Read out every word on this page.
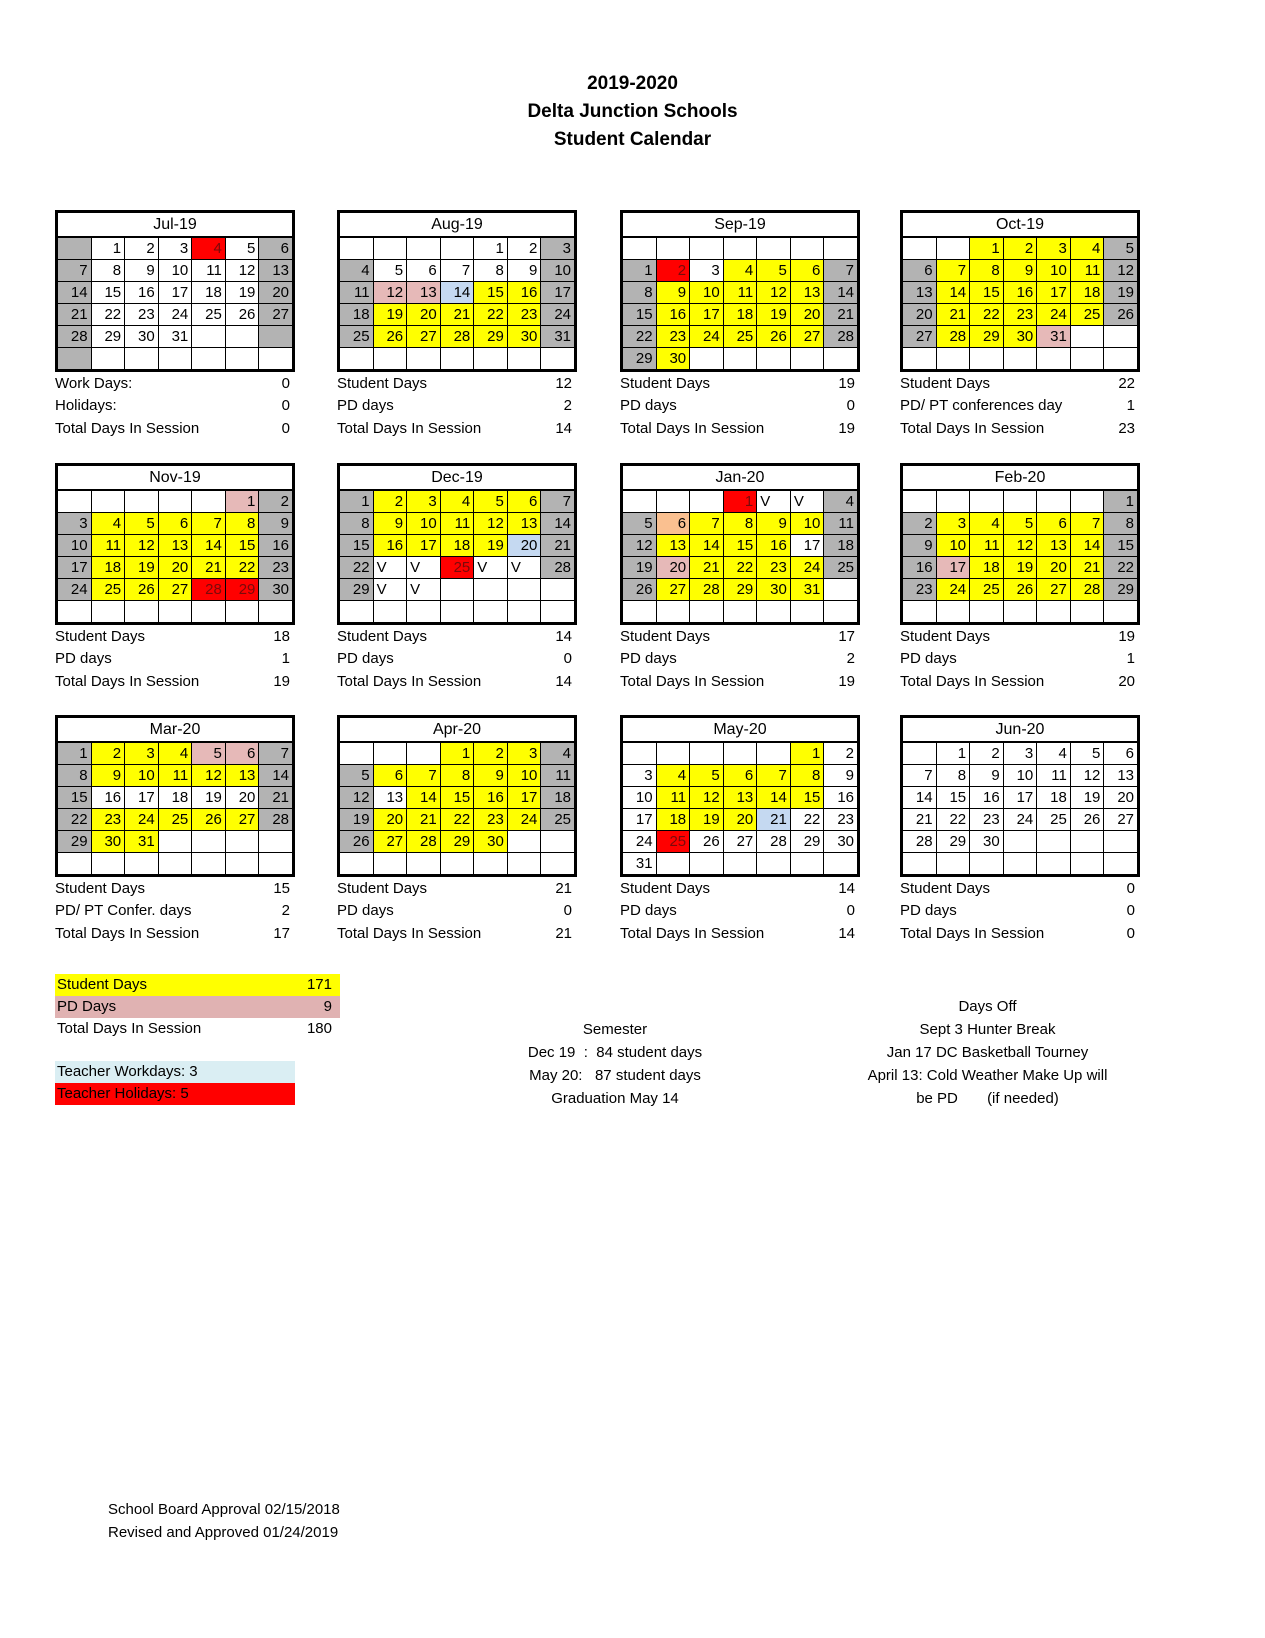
2019-2020
Delta Junction Schools
Student Calendar
Jul-19						
	1	2	3	4	5	6
7	8	9	10	11	12	13
14	15	16	17	18	19	20
21	22	23	24	25	26	27
28	29	30	31			

Work Days:	0
Holidays:	0
Total Days In Session	0
Aug-19						
				1	2	3
4	5	6	7	8	9	10
11	12	13	14	15	16	17
18	19	20	21	22	23	24
25	26	27	28	29	30	31

Student Days	12
PD days	2
Total Days In Session	14
Sep-19						

1	2	3	4	5	6	7
8	9	10	11	12	13	14
15	16	17	18	19	20	21
22	23	24	25	26	27	28
29	30					
Student Days	19
PD days	0
Total Days In Session	19
Oct-19						
		1	2	3	4	5
6	7	8	9	10	11	12
13	14	15	16	17	18	19
20	21	22	23	24	25	26
27	28	29	30	31		

Student Days	22
PD/ PT conferences day	1
Total Days In Session	23
Nov-19						
					1	2
3	4	5	6	7	8	9
10	11	12	13	14	15	16
17	18	19	20	21	22	23
24	25	26	27	28	29	30

Student Days	18
PD days	1
Total Days In Session	19
Dec-19						
1	2	3	4	5	6	7
8	9	10	11	12	13	14
15	16	17	18	19	20	21
22	V	V	25	V	V	28
29	V	V				

Student Days	14
PD days	0
Total Days In Session	14
Jan-20						
			1	V	V	4
5	6	7	8	9	10	11
12	13	14	15	16	17	18
19	20	21	22	23	24	25
26	27	28	29	30	31	

Student Days	17
PD days	2
Total Days In Session	19
Feb-20						
						1
2	3	4	5	6	7	8
9	10	11	12	13	14	15
16	17	18	19	20	21	22
23	24	25	26	27	28	29

Student Days	19
PD days	1
Total Days In Session	20
Mar-20						
1	2	3	4	5	6	7
8	9	10	11	12	13	14
15	16	17	18	19	20	21
22	23	24	25	26	27	28
29	30	31				

Student Days	15
PD/ PT Confer. days	2
Total Days In Session	17
Apr-20						
			1	2	3	4
5	6	7	8	9	10	11
12	13	14	15	16	17	18
19	20	21	22	23	24	25
26	27	28	29	30		

Student Days	21
PD days	0
Total Days In Session	21
May-20						
					1	2
3	4	5	6	7	8	9
10	11	12	13	14	15	16
17	18	19	20	21	22	23
24	25	26	27	28	29	30
31						
Student Days	14
PD days	0
Total Days In Session	14
Jun-20						
	1	2	3	4	5	6
7	8	9	10	11	12	13
14	15	16	17	18	19	20
21	22	23	24	25	26	27
28	29	30				

Student Days	0
PD days	0
Total Days In Session	0
Student Days	171
PD Days	9
Total Days In Session	180
Teacher Workdays: 3
Teacher Holidays: 5
Semester
Dec 19  :  84 student days
May 20:   87 student days
Graduation May 14
Days Off
Sept 3 Hunter Break
Jan 17 DC Basketball Tourney
April 13: Cold Weather Make Up will
be PD       (if needed)
School Board Approval 02/15/2018
Revised and Approved 01/24/2019
